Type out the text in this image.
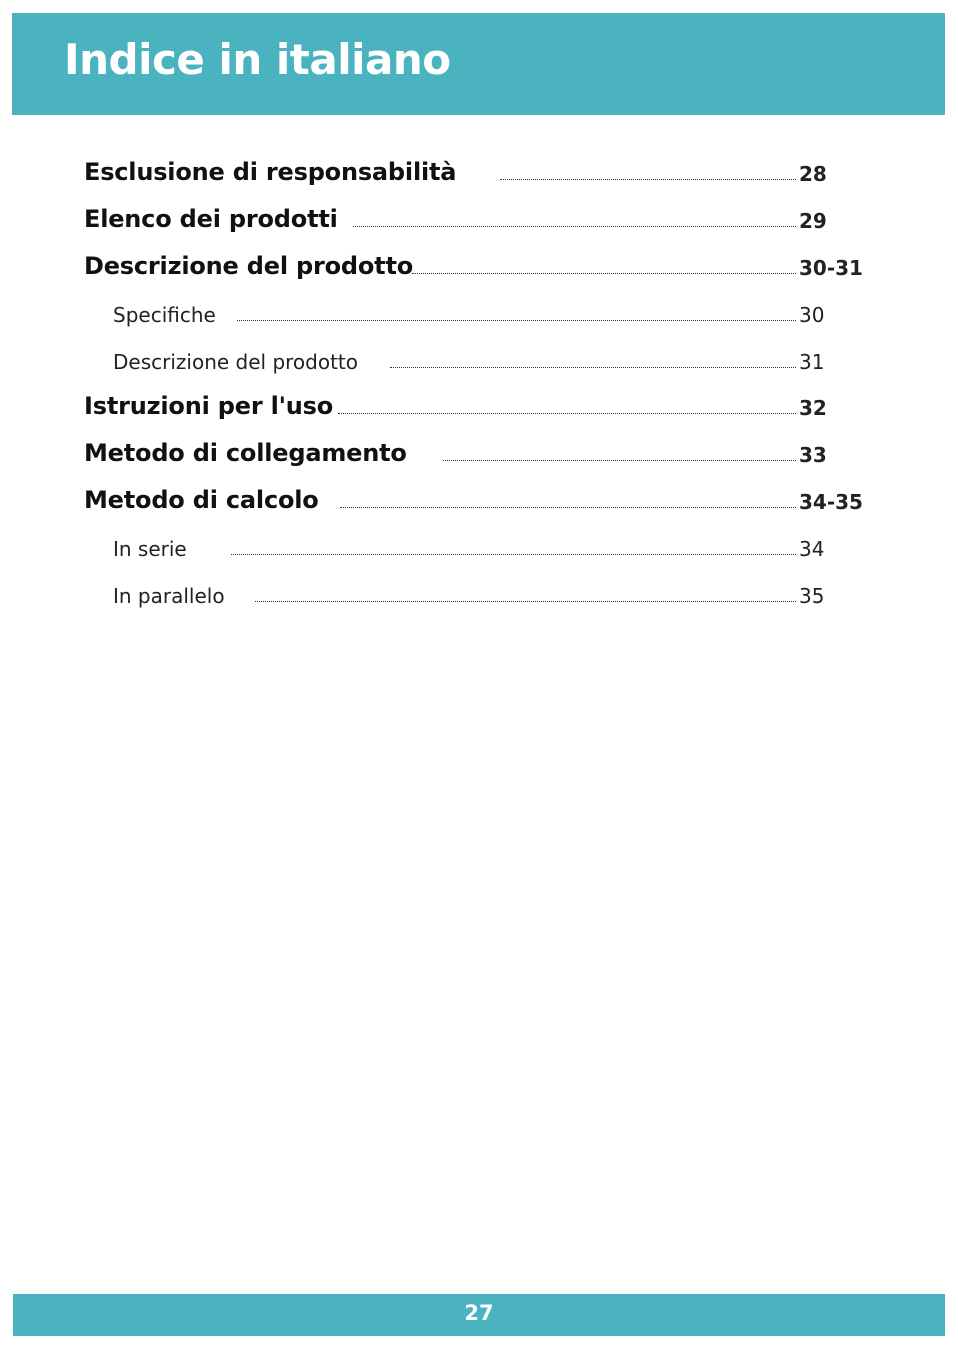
Indice in italiano
Esclusione di responsabilità	28
Elenco dei prodotti	29
Descrizione del prodotto	30-31
Specifiche	30
Descrizione del prodotto	31
Istruzioni per l'uso	32
Metodo di collegamento	33
Metodo di calcolo	34-35
In serie	34
In parallelo	35
27
